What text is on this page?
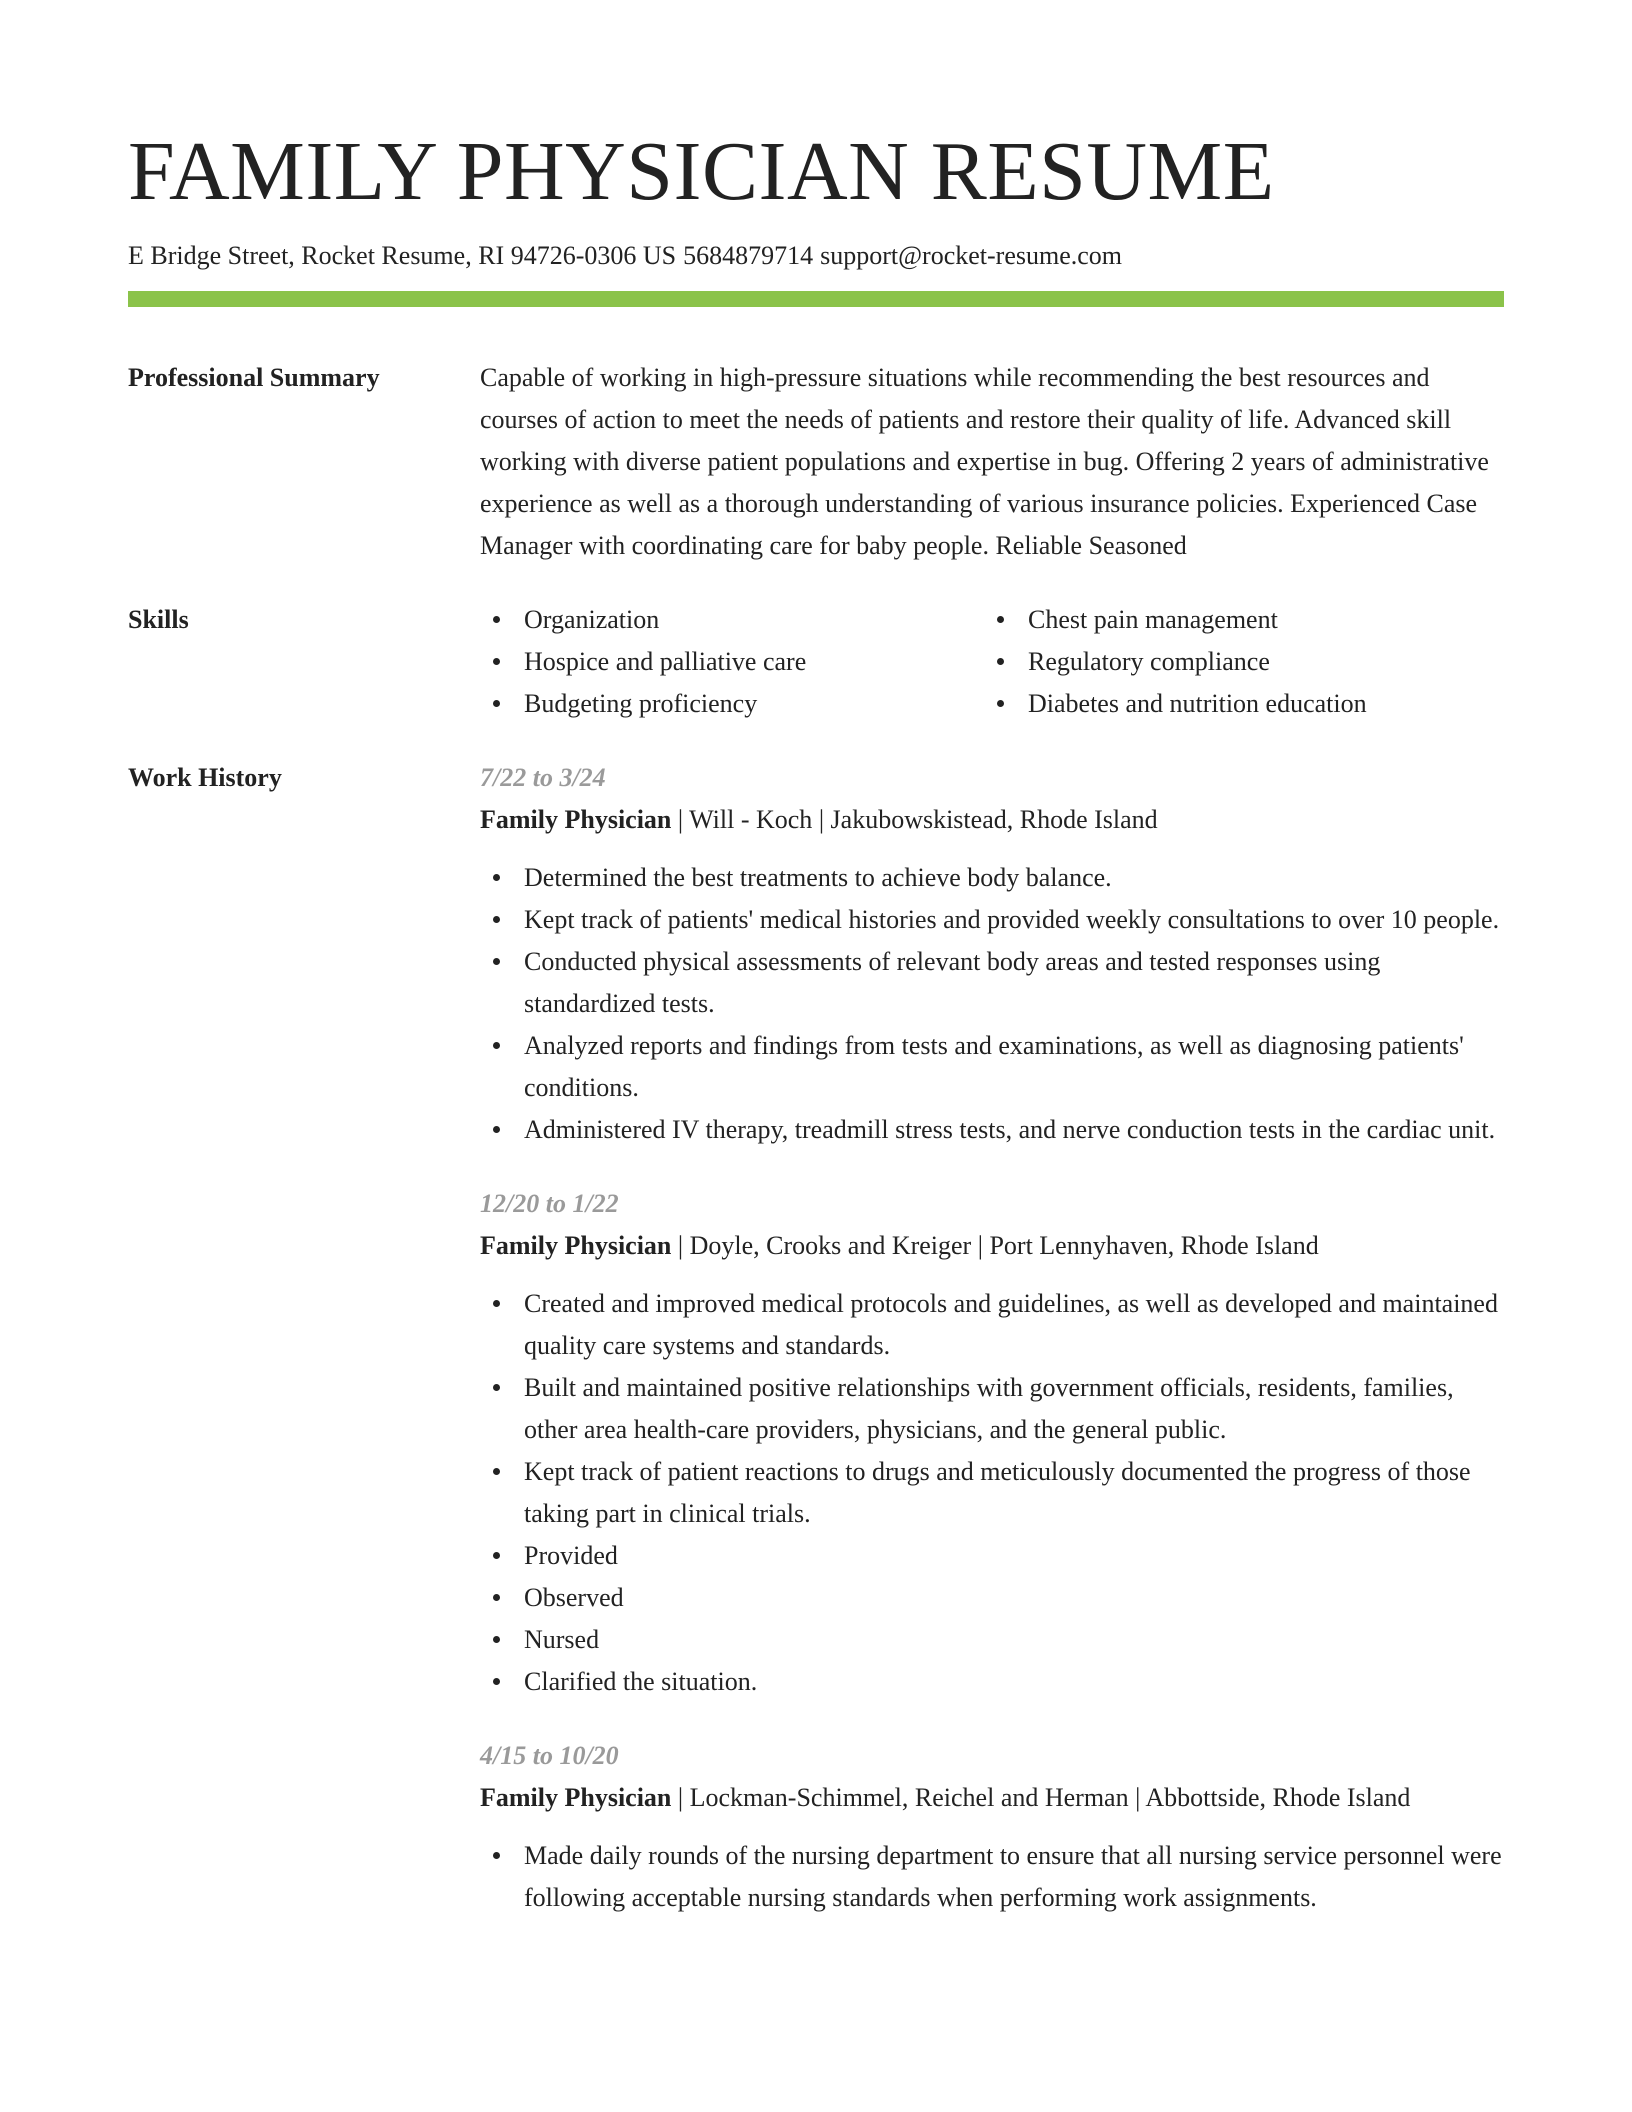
FAMILY PHYSICIAN RESUME
E Bridge Street, Rocket Resume, RI 94726-0306 US 5684879714 support@rocket-resume.com
Professional Summary	Capable of working in high-pressure situations while recommending the best resources and courses of action to meet the needs of patients and restore their quality of life. Advanced skill working with diverse patient populations and expertise in bug. Offering 2 years of administrative experience as well as a thorough understanding of various insurance policies. Experienced Case Manager with coordinating care for baby people. Reliable Seasoned
Skills	Organization
Hospice and palliative care
Budgeting proficiency
Chest pain management
Regulatory compliance
Diabetes and nutrition education
Work History	7/22 to 3/24
Family Physician | Will - Koch | Jakubowskistead, Rhode Island
Determined the best treatments to achieve body balance.
Kept track of patients' medical histories and provided weekly consultations to over 10 people.
Conducted physical assessments of relevant body areas and tested responses using standardized tests.
Analyzed reports and findings from tests and examinations, as well as diagnosing patients' conditions.
Administered IV therapy, treadmill stress tests, and nerve conduction tests in the cardiac unit.
12/20 to 1/22
Family Physician | Doyle, Crooks and Kreiger | Port Lennyhaven, Rhode Island
Created and improved medical protocols and guidelines, as well as developed and maintained quality care systems and standards.
Built and maintained positive relationships with government officials, residents, families, other area health-care providers, physicians, and the general public.
Kept track of patient reactions to drugs and meticulously documented the progress of those taking part in clinical trials.
Provided
Observed
Nursed
Clarified the situation.
4/15 to 10/20
Family Physician | Lockman-Schimmel, Reichel and Herman | Abbottside, Rhode Island
Made daily rounds of the nursing department to ensure that all nursing service personnel were following acceptable nursing standards when performing work assignments.
